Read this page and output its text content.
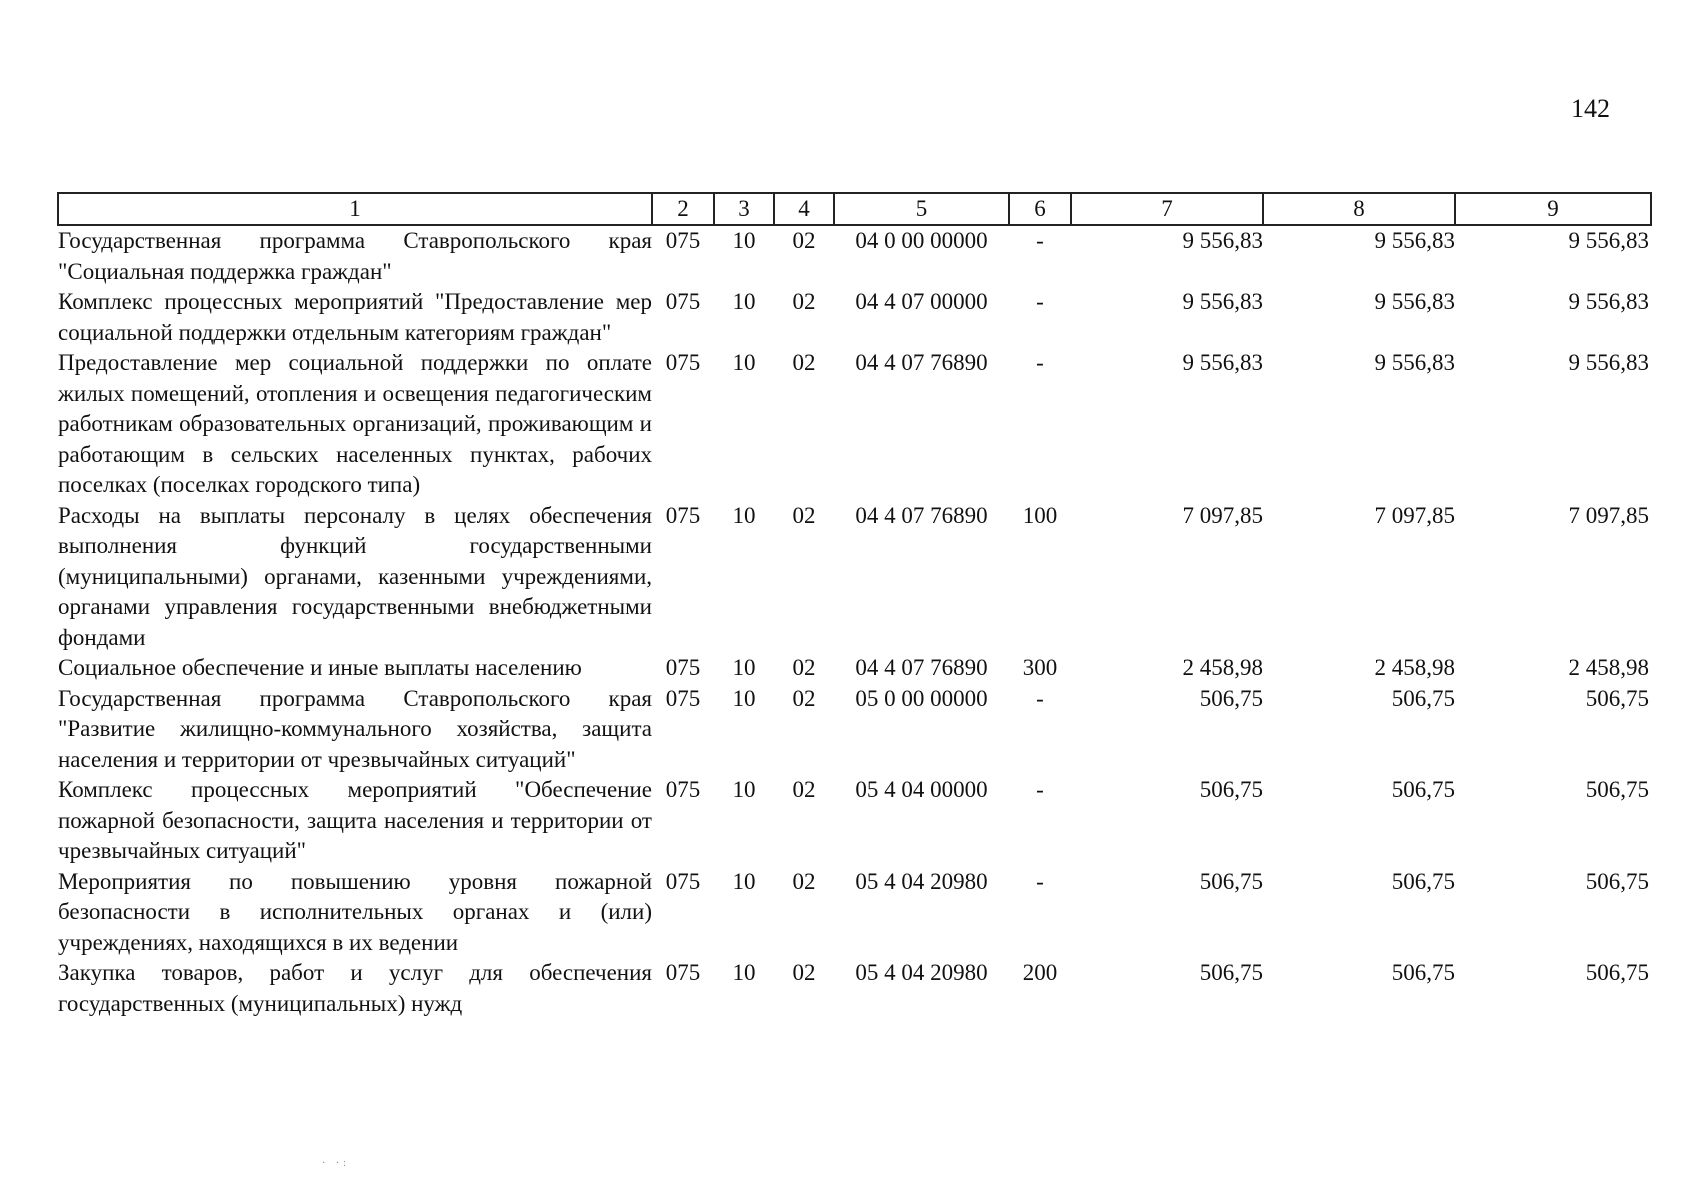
142
1	2	3	4	5	6	7	8	9
Государственная программа Ставропольского края "Социальная поддержка граждан"	075	10	02	04 0 00 00000	-	9 556,83	9 556,83	9 556,83
Комплекс процессных мероприятий "Предоставление мер социальной поддержки отдельным категориям граждан"	075	10	02	04 4 07 00000	-	9 556,83	9 556,83	9 556,83
Предоставление мер социальной поддержки по оплате жилых помещений, отопления и освещения педагогическим работникам образовательных организаций, проживающим и работающим в сельских населенных пунктах, рабочих поселках (поселках городского типа)	075	10	02	04 4 07 76890	-	9 556,83	9 556,83	9 556,83
Расходы на выплаты персоналу в целях обеспечения выполнения функций государственными (муниципальными) органами, казенными учреждениями, органами управления государственными внебюджетными фондами	075	10	02	04 4 07 76890	100	7 097,85	7 097,85	7 097,85
Социальное обеспечение и иные выплаты населению	075	10	02	04 4 07 76890	300	2 458,98	2 458,98	2 458,98
Государственная программа Ставропольского края "Развитие жилищно-коммунального хозяйства, защита населения и территории от чрезвычайных ситуаций"	075	10	02	05 0 00 00000	-	506,75	506,75	506,75
Комплекс процессных мероприятий "Обеспечение пожарной безопасности, защита населения и территории от чрезвычайных ситуаций"	075	10	02	05 4 04 00000	-	506,75	506,75	506,75
Мероприятия по повышению уровня пожарной безопасности в исполнительных органах и (или) учреждениях, находящихся в их ведении	075	10	02	05 4 04 20980	-	506,75	506,75	506,75
Закупка товаров, работ и услуг для обеспечения государственных (муниципальных) нужд	075	10	02	05 4 04 20980	200	506,75	506,75	506,75
· ·:
